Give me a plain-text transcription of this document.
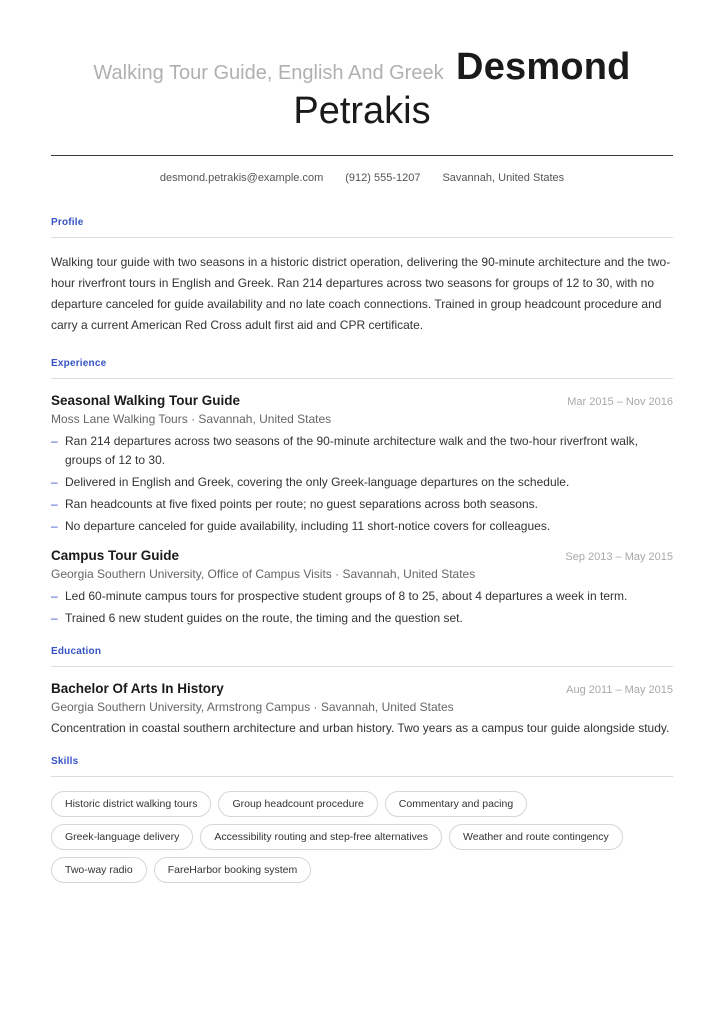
Walking Tour Guide, English And Greek Desmond
Petrakis
desmond.petrakis@example.com (912) 555-1207 Savannah, United States
Profile

Walking tour guide with two seasons in a historic district operation, delivering the 90-minute architecture and the two-hour riverfront tours in English and Greek. Ran 214 departures across two seasons for groups of 12 to 30, with no departure canceled for guide availability and no late coach connections. Trained in group headcount procedure and carry a current American Red Cross adult first aid and CPR certificate.

Experience
Seasonal Walking Tour Guide	Mar 2015 – Nov 2016
Moss Lane Walking Tours · Savannah, United States
– Ran 214 departures across two seasons of the 90-minute architecture walk and the two-hour riverfront walk, groups of 12 to 30.
– Delivered in English and Greek, covering the only Greek-language departures on the schedule.
– Ran headcounts at five fixed points per route; no guest separations across both seasons.
– No departure canceled for guide availability, including 11 short-notice covers for colleagues.
Campus Tour Guide	Sep 2013 – May 2015
Georgia Southern University, Office of Campus Visits · Savannah, United States
– Led 60-minute campus tours for prospective student groups of 8 to 25, about 4 departures a week in term.
– Trained 6 new student guides on the route, the timing and the question set.
Education
Bachelor Of Arts In History	Aug 2011 – May 2015
Georgia Southern University, Armstrong Campus · Savannah, United States

Concentration in coastal southern architecture and urban history. Two years as a campus tour guide alongside study.

Skills
Historic district walking tours	Group headcount procedure	Commentary and pacing
Greek-language delivery	Accessibility routing and step-free alternatives	Weather and route contingency
Two-way radio	FareHarbor booking system
